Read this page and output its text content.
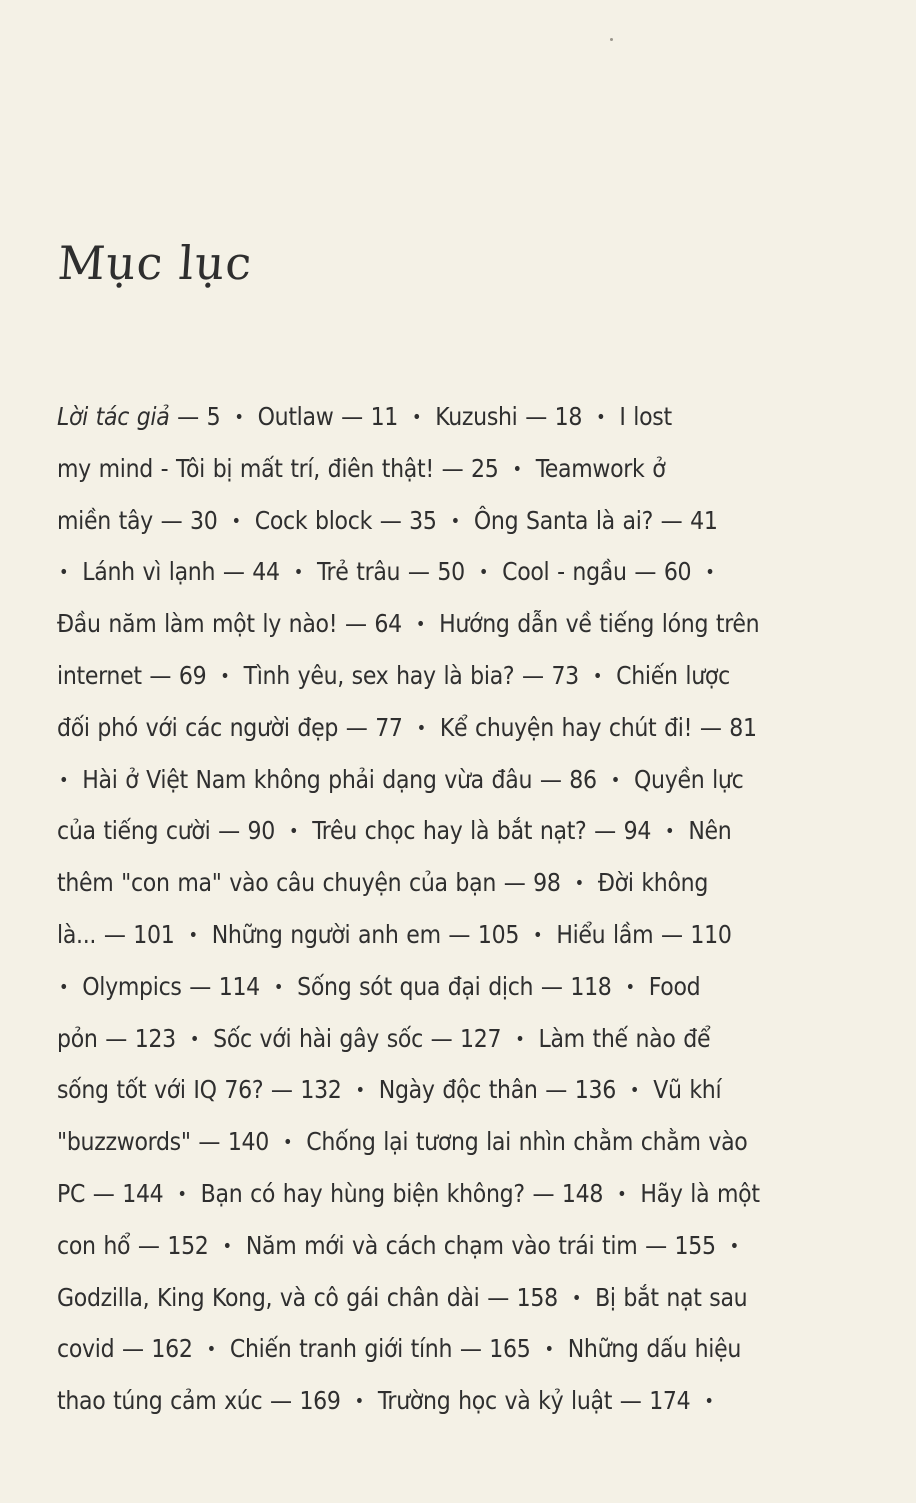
Mục lục
Lời tác giả — 5 • Outlaw — 11 • Kuzushi — 18 • I lost
my mind - Tôi bị mất trí, điên thật! — 25 • Teamwork ở
miền tây — 30 • Cock block — 35 • Ông Santa là ai? — 41
• Lánh vì lạnh — 44 • Trẻ trâu — 50 • Cool - ngầu — 60 •
Đầu năm làm một ly nào! — 64 • Hướng dẫn về tiếng lóng trên
internet — 69 • Tình yêu, sex hay là bia? — 73 • Chiến lược
đối phó với các người đẹp — 77 • Kể chuyện hay chút đi! — 81
• Hài ở Việt Nam không phải dạng vừa đâu — 86 • Quyền lực
của tiếng cười — 90 • Trêu chọc hay là bắt nạt? — 94 • Nên
thêm "con ma" vào câu chuyện của bạn — 98 • Đời không
là... — 101 • Những người anh em — 105 • Hiểu lầm — 110
• Olympics — 114 • Sống sót qua đại dịch — 118 • Food
pỏn — 123 • Sốc với hài gây sốc — 127 • Làm thế nào để
sống tốt với IQ 76? — 132 • Ngày độc thân — 136 • Vũ khí
"buzzwords" — 140 • Chống lại tương lai nhìn chằm chằm vào
PC — 144 • Bạn có hay hùng biện không? — 148 • Hãy là một
con hổ — 152 • Năm mới và cách chạm vào trái tim — 155 •
Godzilla, King Kong, và cô gái chân dài — 158 • Bị bắt nạt sau
covid — 162 • Chiến tranh giới tính — 165 • Những dấu hiệu
thao túng cảm xúc — 169 • Trường học và kỷ luật — 174 •
